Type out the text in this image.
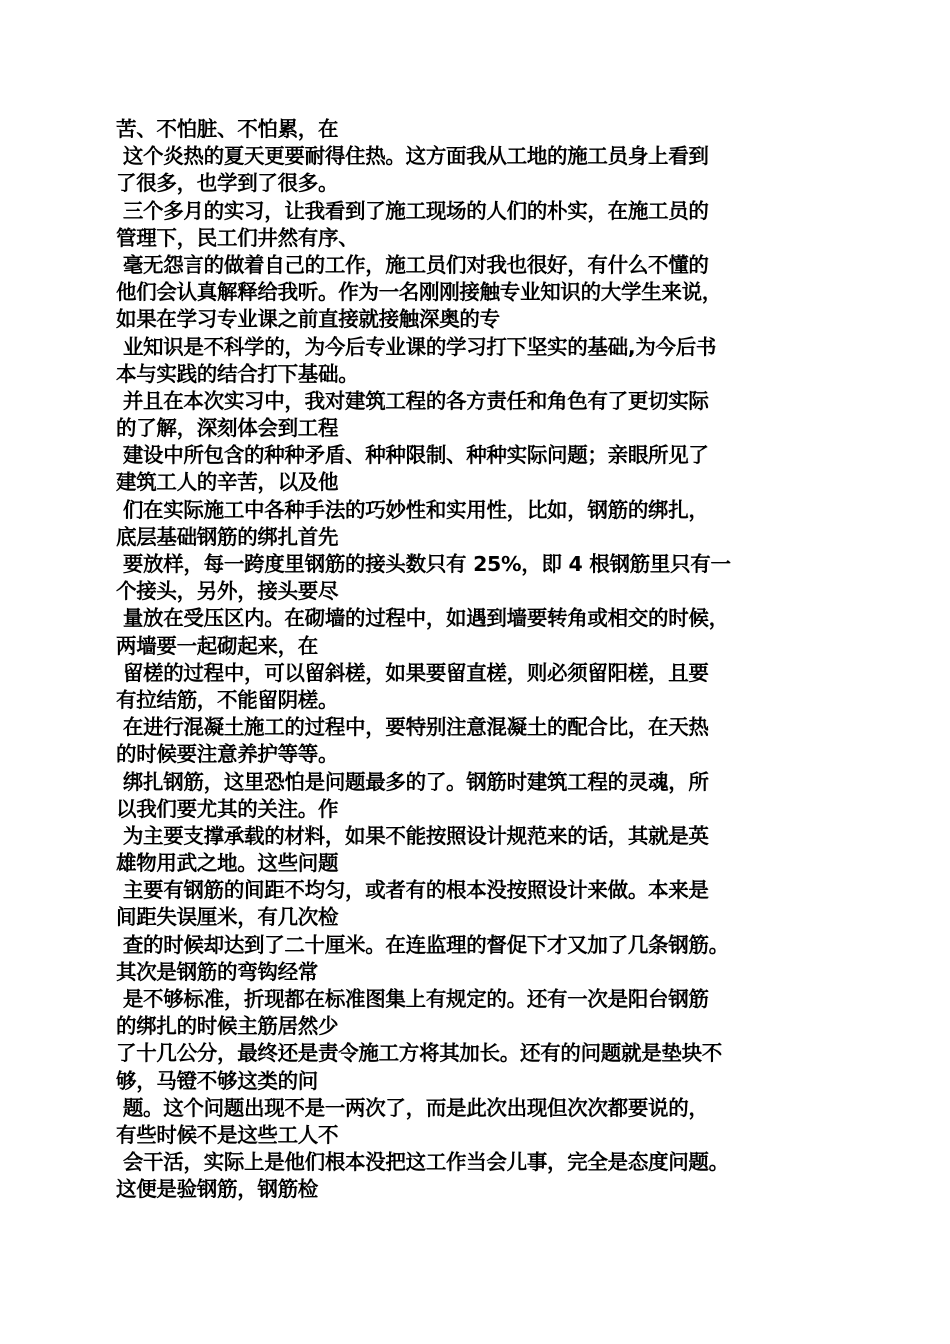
苦、不怕脏、不怕累，在
这个炎热的夏天更要耐得住热。这方面我从工地的施工员身上看到
了很多，也学到了很多。
三个多月的实习，让我看到了施工现场的人们的朴实，在施工员的
管理下，民工们井然有序、
毫无怨言的做着自己的工作，施工员们对我也很好，有什么不懂的
他们会认真解释给我听。作为一名刚刚接触专业知识的大学生来说，
如果在学习专业课之前直接就接触深奥的专
业知识是不科学的，为今后专业课的学习打下坚实的基础,为今后书
本与实践的结合打下基础。
并且在本次实习中，我对建筑工程的各方责任和角色有了更切实际
的了解，深刻体会到工程
建设中所包含的种种矛盾、种种限制、种种实际问题；亲眼所见了
建筑工人的辛苦，以及他
们在实际施工中各种手法的巧妙性和实用性，比如，钢筋的绑扎，
底层基础钢筋的绑扎首先
要放样，每一跨度里钢筋的接头数只有 25%，即 4 根钢筋里只有一
个接头，另外，接头要尽
量放在受压区内。在砌墙的过程中，如遇到墙要转角或相交的时候，
两墙要一起砌起来，在
留槎的过程中，可以留斜槎，如果要留直槎，则必须留阳槎，且要
有拉结筋，不能留阴槎。
在进行混凝土施工的过程中，要特别注意混凝土的配合比，在天热
的时候要注意养护等等。
绑扎钢筋，这里恐怕是问题最多的了。钢筋时建筑工程的灵魂，所
以我们要尤其的关注。作
为主要支撑承载的材料，如果不能按照设计规范来的话，其就是英
雄物用武之地。这些问题
主要有钢筋的间距不均匀，或者有的根本没按照设计来做。本来是
间距失误厘米，有几次检
查的时候却达到了二十厘米。在连监理的督促下才又加了几条钢筋。
其次是钢筋的弯钩经常
是不够标准，折现都在标准图集上有规定的。还有一次是阳台钢筋
的绑扎的时候主筋居然少
了十几公分，最终还是责令施工方将其加长。还有的问题就是垫块不
够，马镫不够这类的问
题。这个问题出现不是一两次了，而是此次出现但次次都要说的，
有些时候不是这些工人不
会干活，实际上是他们根本没把这工作当会儿事，完全是态度问题。
这便是验钢筋，钢筋检
